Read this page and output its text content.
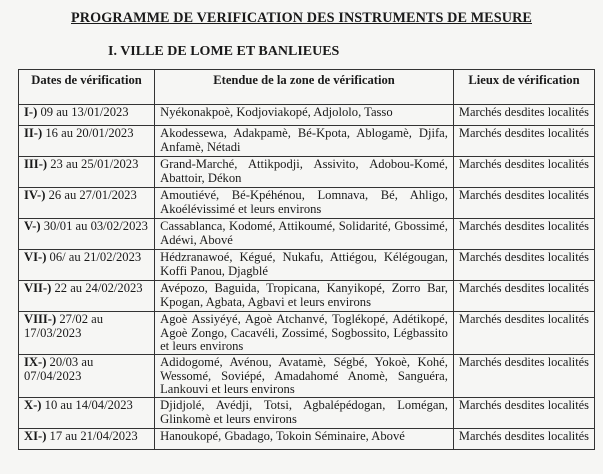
PROGRAMME DE VERIFICATION DES INSTRUMENTS DE MESURE
I. VILLE DE LOME ET BANLIEUES
Dates de vérification	Etendue de la zone de vérification	Lieux de vérification
I-) 09 au 13/01/2023	Nyékonakpoè, Kodjoviakopé, Adjololo, Tasso	Marchés desdites localités
II-) 16 au 20/01/2023	Akodessewa, Adakpamè, Bé-Kpota, Ablogamè, Djifa, Anfamè, Nétadi	Marchés desdites localités
III-) 23 au 25/01/2023	Grand-Marché, Attikpodji, Assivito, Adobou-Komé, Abattoir, Dékon	Marchés desdites localités
IV-) 26 au 27/01/2023	Amoutiévé, Bé-Kpéhénou, Lomnava, Bé, Ahligo, Akoélévissimé et leurs environs	Marchés desdites localités
V-) 30/01 au 03/02/2023	Cassablanca, Kodomé, Attikoumé, Solidarité, Gbossimé, Adéwi, Abové	Marchés desdites localités
VI-) 06/ au 21/02/2023	Hédzranawoé, Kégué, Nukafu, Attiégou, Kélégougan, Koffi Panou, Djagblé	Marchés desdites localités
VII-) 22 au 24/02/2023	Avépozo, Baguida, Tropicana, Kanyikopé, Zorro Bar, Kpogan, Agbata, Agbavi et leurs environs	Marchés desdites localités
VIII-) 27/02 au 17/03/2023	Agoè Assiyéyé, Agoè Atchanvé, Toglékopé, Adétikopé, Agoè Zongo, Cacavéli, Zossimé, Sogbossito, Légbassito et leurs environs	Marchés desdites localités
IX-) 20/03 au 07/04/2023	Adidogomé, Avénou, Avatamè, Ségbé, Yokoè, Kohé, Wessomé, Soviépé, Amadahomé Anomè, Sanguéra, Lankouvi et leurs environs	Marchés desdites localités
X-) 10 au 14/04/2023	Djidjolé, Avédji, Totsi, Agbalépédogan, Lomégan, Glinkomè et leurs environs	Marchés desdites localités
XI-) 17 au 21/04/2023	Hanoukopé, Gbadago, Tokoin Séminaire, Abové	Marchés desdites localités
